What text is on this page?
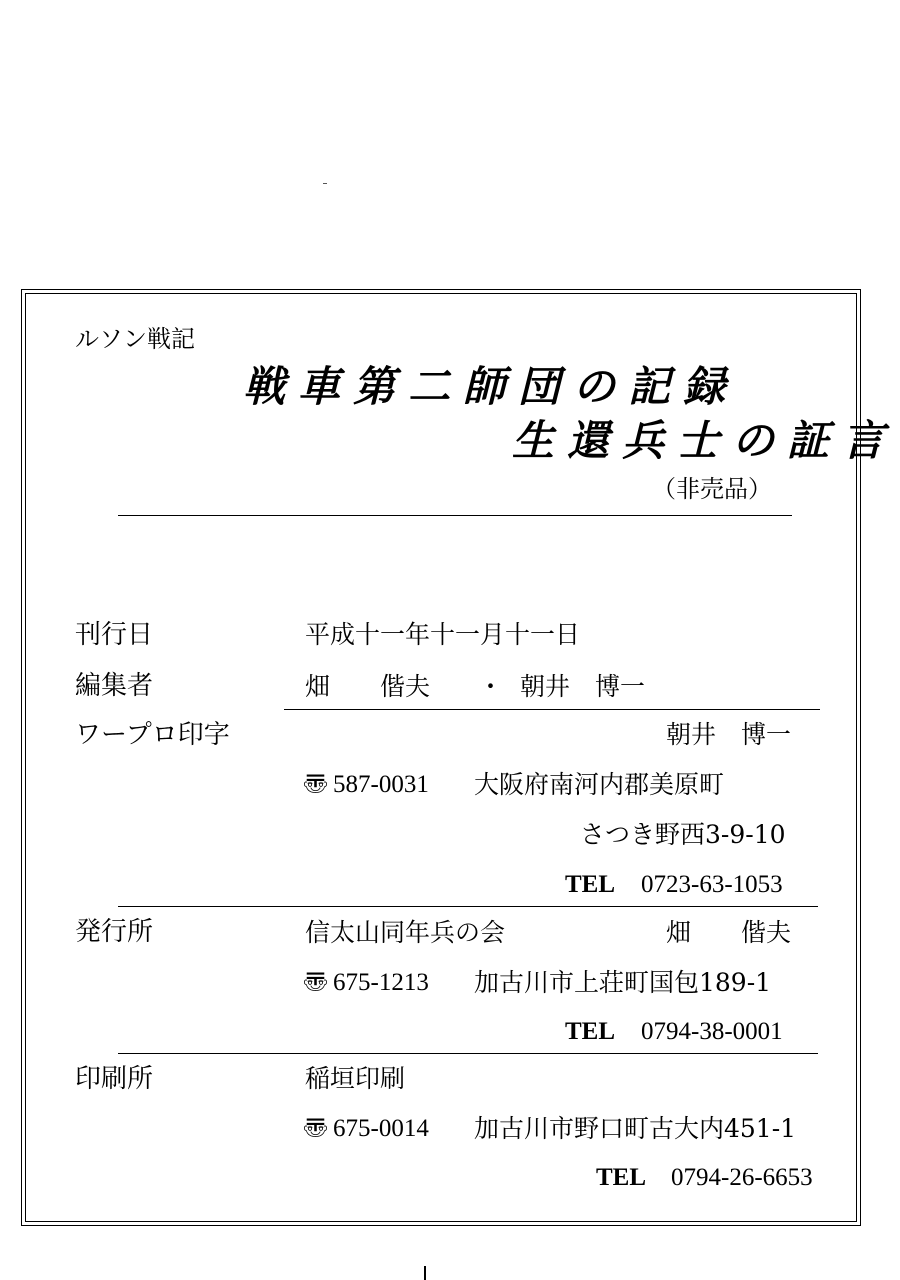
ルソン戦記
戦車第二師団の記録
生還兵士の証言
（非売品）
刊行日	平成十一年十一月十一日
編集者	畑　　偕夫 ・ 朝井　博一
ワープロ印字	朝井　博一
〠 587-0031 大阪府南河内郡美原町
さつき野西3-9-10
TEL 0723-63-1053
発行所	信太山同年兵の会	畑　　偕夫
〠 675-1213 加古川市上荘町国包189-1
TEL 0794-38-0001
印刷所	稲垣印刷
〠 675-0014 加古川市野口町古大内451-1
TEL 0794-26-6653
